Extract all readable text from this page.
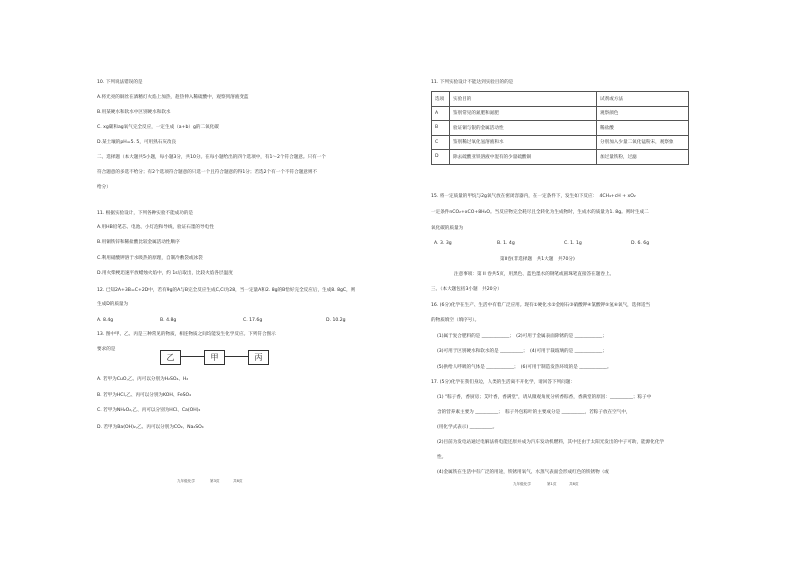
10. 下列说法错误的是
A.将光亮的铜丝在酒精灯火焰上加热，趁热伸入稀硫酸中，观察到溶液变蓝
B.用某硬水和软水中区别硬水和软水
C. xg碳和ag氧气完全反应，一定生成（a+b）g的二氧化碳
D.某土壤的pH=5. 5，可用熟石灰改良
二、选择题（本大题共5小题，每小题3分，共10分。在每小题给出的四个选项中，有1～2个符合题意。只有一个
符合题意的多选不给分；有2个选项符合题意的只选一个且符合题意的得1分；若选2个有一个不符合题意则不
给分）
11. 根据实验设计，下列各种实验不能成功的是
A.用HB铅笔芯、电池、小灯泡和导线，验证石墨的导电性
B.用铜铁锌和稀盐酸比较金属活动性顺序
C.利用硝酸钾溶于水吸热的原理，自制冷敷袋或冰袋
D.用火柴梗迅速平放蜡烛火焰中，约 1s后取出，比较火焰各层温度
12. 已知2A+3B=C+2D中，若有9g的A与B完全反应生成C,Cl为28，当一定量A和2. 8g的B恰好完全反应后，生成8. 8gC，则
生成D的质量为
A. 8.4g	B. 4.8g	C. 17.6g	D. 10.2g
13. 图中甲、乙、丙是三种常见的物质，相连物质之间均能发生化学反应。下列符合图示
要求的是
乙	甲	丙
A. 若甲为CuO,乙、丙可以分别为H₂SO₄、H₂
B. 若甲为HCl,乙、丙可以分别为KOH、FeSO₄
C. 若甲为NH₂O₂,乙、丙可以分别为HCl、Ca(OH)₂
D. 若甲为Ba(OH)₂,乙、丙可以分别为CO₂、Na₂SO₄
九年级化学	第3页	共8页
11. 下列实验设计不能达到实验目的的是
15. 将一定质量的甲烷与2g氧气放在密闭容器内，在一定条件下，发生如下反应：　4CH₄+cH + xO₂
一定条件nCO₂+xCO+8H₂O。当反应物完全耗尽且全转化为生成物时，生成水的质量为1. 8g。则时生成二
氧化碳的质量为
A. 3. 3g	B. 1. 4g	C. 1. 1g	D. 6. 6g
第II卷(非选择题　共1大题　共70分)
注意事项：第 II 卷共5页，用黑色、蓝色墨水的钢笔或圆珠笔直接答在题卷上。
三、（本大题包括3小题　共20分）
16. (6分)化学在生产、生活中有着广泛应用。现有①硬化水②金刚石③硝酸钾④氯酸钾⑤氢⑥氧气，选择适当
的物质填空（填序号）。
(1)属于复合肥料的是 ____________；　(2)可用于金属表面除锈的是 ____________；
(3)可用于区别硬水和软水的是 __________；　(4)可用于裁玻璃的是 ____________；
(5)供给人呼吸的气体是 ____________；　(6)可用于制造发热环境的是 ____________。
17. (5分)化学在我们身边，人类的生活离不开化学，请回答下列问题：
(1) "粽子香，香厨房；艾叶香，香满堂"，请从微观角度分析香粽香，香满堂的原因：__________；粽子中
含的营养素主要为 __________；　粽子外包粽叶的主要成分是 __________，若粽子放在空气中，
(用化学式表示) __________。
(2)目前为发电站通过电解法将电能还原并成为汽车发动机燃料，其中还由于太阳光发出的中子可助，能源化化学
性。
(4)金属铁在生活中有广泛的用途，铁锈用氧气、水蒸气表面会形成红色的铁锈物（或
九年级化学	第1页	共8页
选项	实验目的	试剂或方法
A	鉴别常见的氮肥和氮肥	观察颜色
B	验证铜与银的金属活动性	稀盐酸
C	鉴别稀过氧化氢溶液和水	分别加入少量二氧化锰粉末，观察象
D	除去硫酸亚铁溶液中混有的少量硫酸铜	加过量铁粉，过滤
